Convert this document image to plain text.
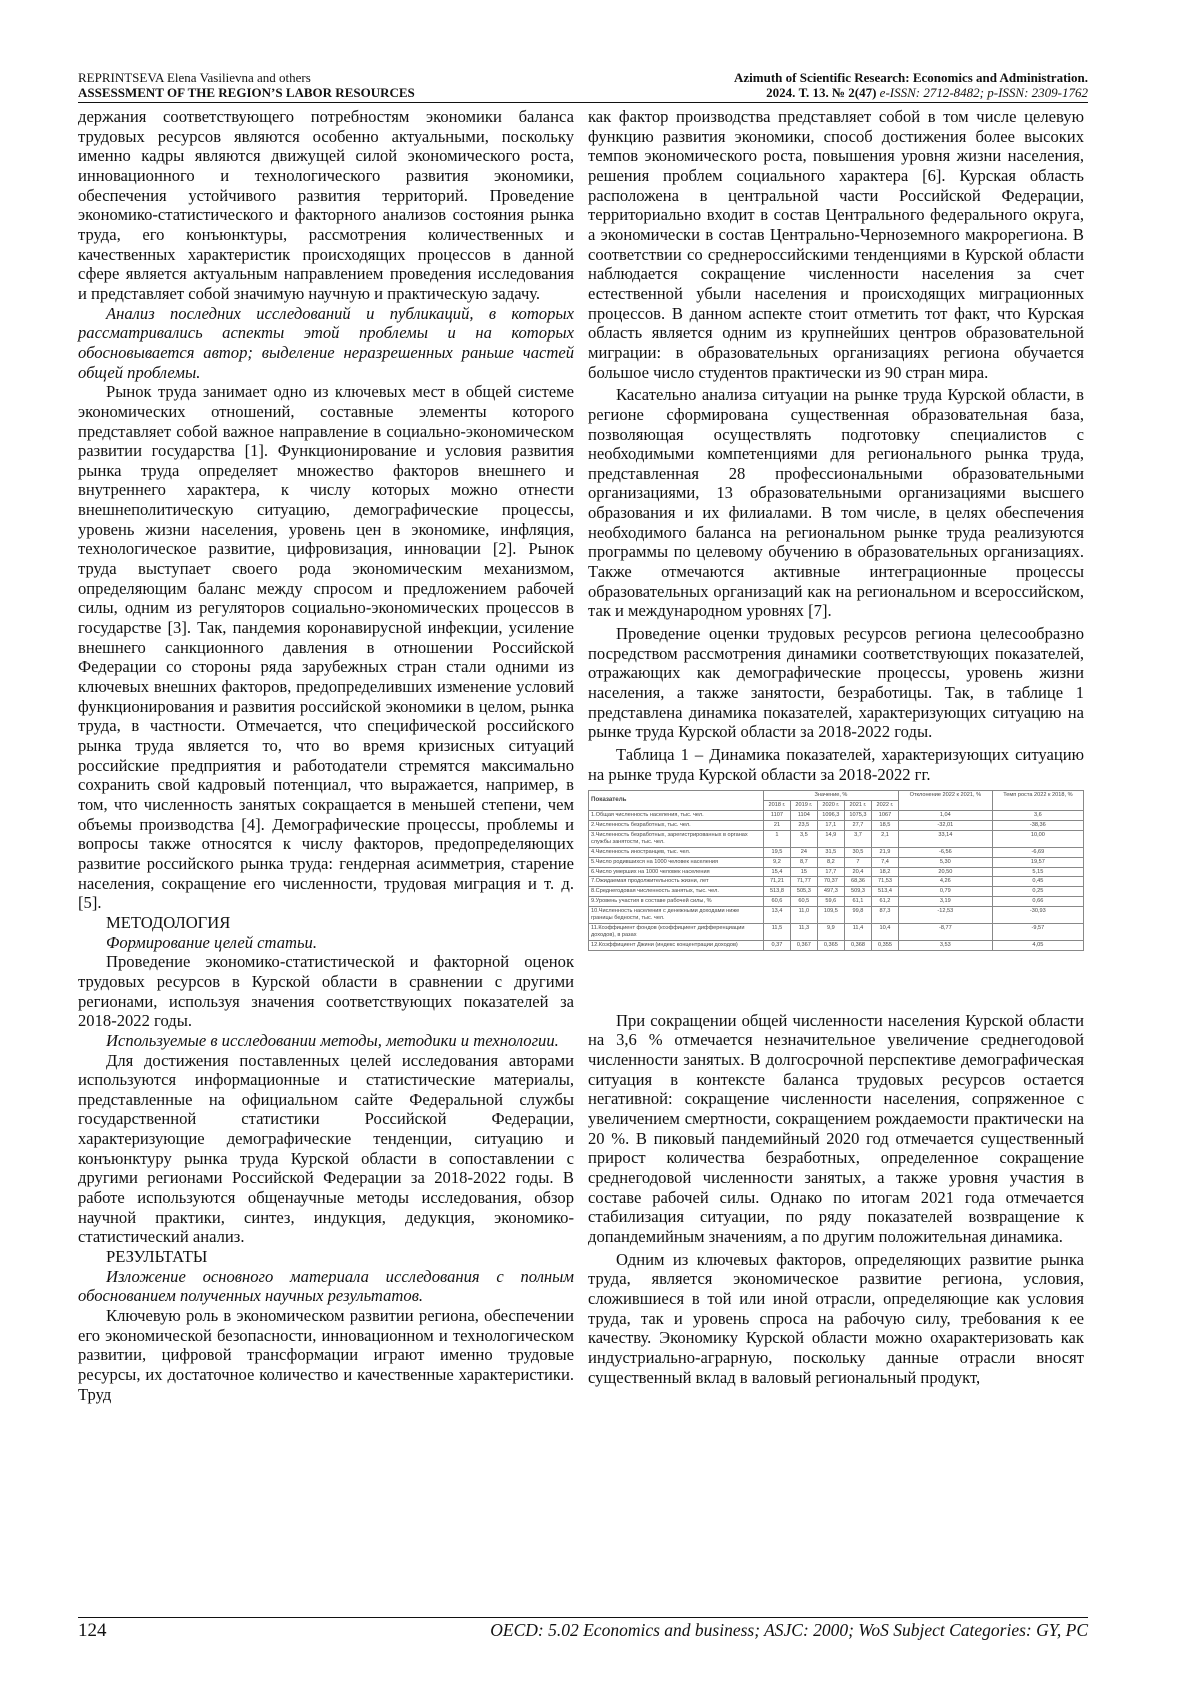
REPRINTSEVA Elena Vasilievna and others
ASSESSMENT OF THE REGION’S LABOR RESOURCES
Azimuth of Scientific Research: Economics and Administration.
2024. Т. 13. № 2(47) e-ISSN: 2712-8482; p-ISSN: 2309-1762

держания соответствующего потребностям экономики баланса трудовых ресурсов являются особенно актуальными, поскольку именно кадры являются движущей силой экономического роста, инновационного и технологического развития экономики, обеспечения устойчивого развития территорий. Проведение экономико-статистического и факторного анализов состояния рынка труда, его конъюнктуры, рассмотрения количественных и качественных характеристик происходящих процессов в данной сфере является актуальным направлением проведения исследования и представляет собой значимую научную и практическую задачу.

Анализ последних исследований и публикаций, в которых рассматривались аспекты этой проблемы и на которых обосновывается автор; выделение неразрешенных раньше частей общей проблемы.

Рынок труда занимает одно из ключевых мест в общей системе экономических отношений, составные элементы которого представляет собой важное направление в социально-экономическом развитии государства [1]. Функционирование и условия развития рынка труда определяет множество факторов внешнего и внутреннего характера, к числу которых можно отнести внешнеполитическую ситуацию, демографические процессы, уровень жизни населения, уровень цен в экономике, инфляция, технологическое развитие, цифровизация, инновации [2]. Рынок труда выступает своего рода экономическим механизмом, определяющим баланс между спросом и предложением рабочей силы, одним из регуляторов социально-экономических процессов в государстве [3]. Так, пандемия коронавирусной инфекции, усиление внешнего санкционного давления в отношении Российской Федерации со стороны ряда зарубежных стран стали одними из ключевых внешних факторов, предопределивших изменение условий функционирования и развития российской экономики в целом, рынка труда, в частности. Отмечается, что специфической российского рынка труда является то, что во время кризисных ситуаций российские предприятия и работодатели стремятся максимально сохранить свой кадровый потенциал, что выражается, например, в том, что численность занятых сокращается в меньшей степени, чем объемы производства [4]. Демографические процессы, проблемы и вопросы также относятся к числу факторов, предопределяющих развитие российского рынка труда: гендерная асимметрия, старение населения, сокращение его численности, трудовая миграция и т. д. [5].

МЕТОДОЛОГИЯ

Формирование целей статьи.

Проведение экономико-статистической и факторной оценок трудовых ресурсов в Курской области в сравнении с другими регионами, используя значения соответствующих показателей за 2018-2022 годы.

Используемые в исследовании методы, методики и технологии.

Для достижения поставленных целей исследования авторами используются информационные и статистические материалы, представленные на официальном сайте Федеральной службы государственной статистики Российской Федерации, характеризующие демографические тенденции, ситуацию и конъюнктуру рынка труда Курской области в сопоставлении с другими регионами Российской Федерации за 2018-2022 годы. В работе используются общенаучные методы исследования, обзор научной практики, синтез, индукция, дедукция, экономико-статистический анализ.

РЕЗУЛЬТАТЫ

Изложение основного материала исследования с полным обоснованием полученных научных результатов.

Ключевую роль в экономическом развитии региона, обеспечении его экономической безопасности, инновационном и технологическом развитии, цифровой трансформации играют именно трудовые ресурсы, их достаточное количество и качественные характеристики. Труд

как фактор производства представляет собой в том числе целевую функцию развития экономики, способ достижения более высоких темпов экономического роста, повышения уровня жизни населения, решения проблем социального характера [6]. Курская область расположена в центральной части Российской Федерации, территориально входит в состав Центрального федерального округа, а экономически в состав Центрально-Черноземного макрорегиона. В соответствии со среднероссийскими тенденциями в Курской области наблюдается сокращение численности населения за счет естественной убыли населения и происходящих миграционных процессов. В данном аспекте стоит отметить тот факт, что Курская область является одним из крупнейших центров образовательной миграции: в образовательных организациях региона обучается большое число студентов практически из 90 стран мира.

Касательно анализа ситуации на рынке труда Курской области, в регионе сформирована существенная образовательная база, позволяющая осуществлять подготовку специалистов с необходимыми компетенциями для регионального рынка труда, представленная 28 профессиональными образовательными организациями, 13 образовательными организациями высшего образования и их филиалами. В том числе, в целях обеспечения необходимого баланса на региональном рынке труда реализуются программы по целевому обучению в образовательных организациях. Также отмечаются активные интеграционные процессы образовательных организаций как на региональном и всероссийском, так и международном уровнях [7].

Проведение оценки трудовых ресурсов региона целесообразно посредством рассмотрения динамики соответствующих показателей, отражающих как демографические процессы, уровень жизни населения, а также занятости, безработицы. Так, в таблице 1 представлена динамика показателей, характеризующих ситуацию на рынке труда Курской области за 2018-2022 годы.

Таблица 1 – Динамика показателей, характеризующих ситуацию на рынке труда Курской области за 2018-2022 гг.

Показатель	Значение, %					Отклонение 2022 к 2021, %	Темп роста 2022 к 2018, %
	2018 г.	2019 г.	2020 г.	2021 г.	2022 г.		
1.Общая численность населения, тыс. чел.	1107	1104	1096,3	1075,3	1067	1,04	3,6
2.Численность безработных, тыс. чел.	21	23,5	17,1	27,7	18,5	-32,01	-38,36
3.Численность безработных, зарегистрированных в органах службы занятости, тыс. чел.	1	3,5	14,9	3,7	2,1	33,14	10,00
4.Численность иностранцев, тыс. чел.	19,5	24	31,5	30,5	21,9	-6,56	-6,69
5.Число родившихся на 1000 человек населения	9,2	8,7	8,2	7	7,4	5,30	19,57
6.Число умерших на 1000 человек населения	15,4	15	17,7	20,4	18,2	20,50	5,15
7.Ожидаемая продолжительность жизни, лет	71,21	71,77	70,37	68,36	71,53	4,26	0,45
8.Среднегодовая численность занятых, тыс. чел.	513,8	505,3	497,3	509,3	513,4	0,79	0,25
9.Уровень участия в составе рабочей силы, %	60,6	60,5	59,6	61,1	61,2	3,19	0,66
10.Численность населения с денежными доходами ниже границы бедности, тыс. чел.	13,4	11,0	109,5	99,8	87,3	-12,53	-30,93
11.Коэффициент фондов (коэффициент дифференциации доходов), в разах	11,5	11,3	9,9	11,4	10,4	-8,77	-9,57
12.Коэффициент Джини (индекс концентрации доходов)	0,37	0,367	0,365	0,368	0,355	3,53	4,05

При сокращении общей численности населения Курской области на 3,6 % отмечается незначительное увеличение среднегодовой численности занятых. В долгосрочной перспективе демографическая ситуация в контексте баланса трудовых ресурсов остается негативной: сокращение численности населения, сопряженное с увеличением смертности, сокращением рождаемости практически на 20 %. В пиковый пандемийный 2020 год отмечается существенный прирост количества безработных, определенное сокращение среднегодовой численности занятых, а также уровня участия в составе рабочей силы. Однако по итогам 2021 года отмечается стабилизация ситуации, по ряду показателей возвращение к допандемийным значениям, а по другим положительная динамика.

Одним из ключевых факторов, определяющих развитие рынка труда, является экономическое развитие региона, условия, сложившиеся в той или иной отрасли, определяющие как условия труда, так и уровень спроса на рабочую силу, требования к ее качеству. Экономику Курской области можно охарактеризовать как индустриально-аграрную, поскольку данные отрасли вносят существенный вклад в валовый региональный продукт,

124	OECD: 5.02 Economics and business; ASJC: 2000; WoS Subject Categories: GY, PC
